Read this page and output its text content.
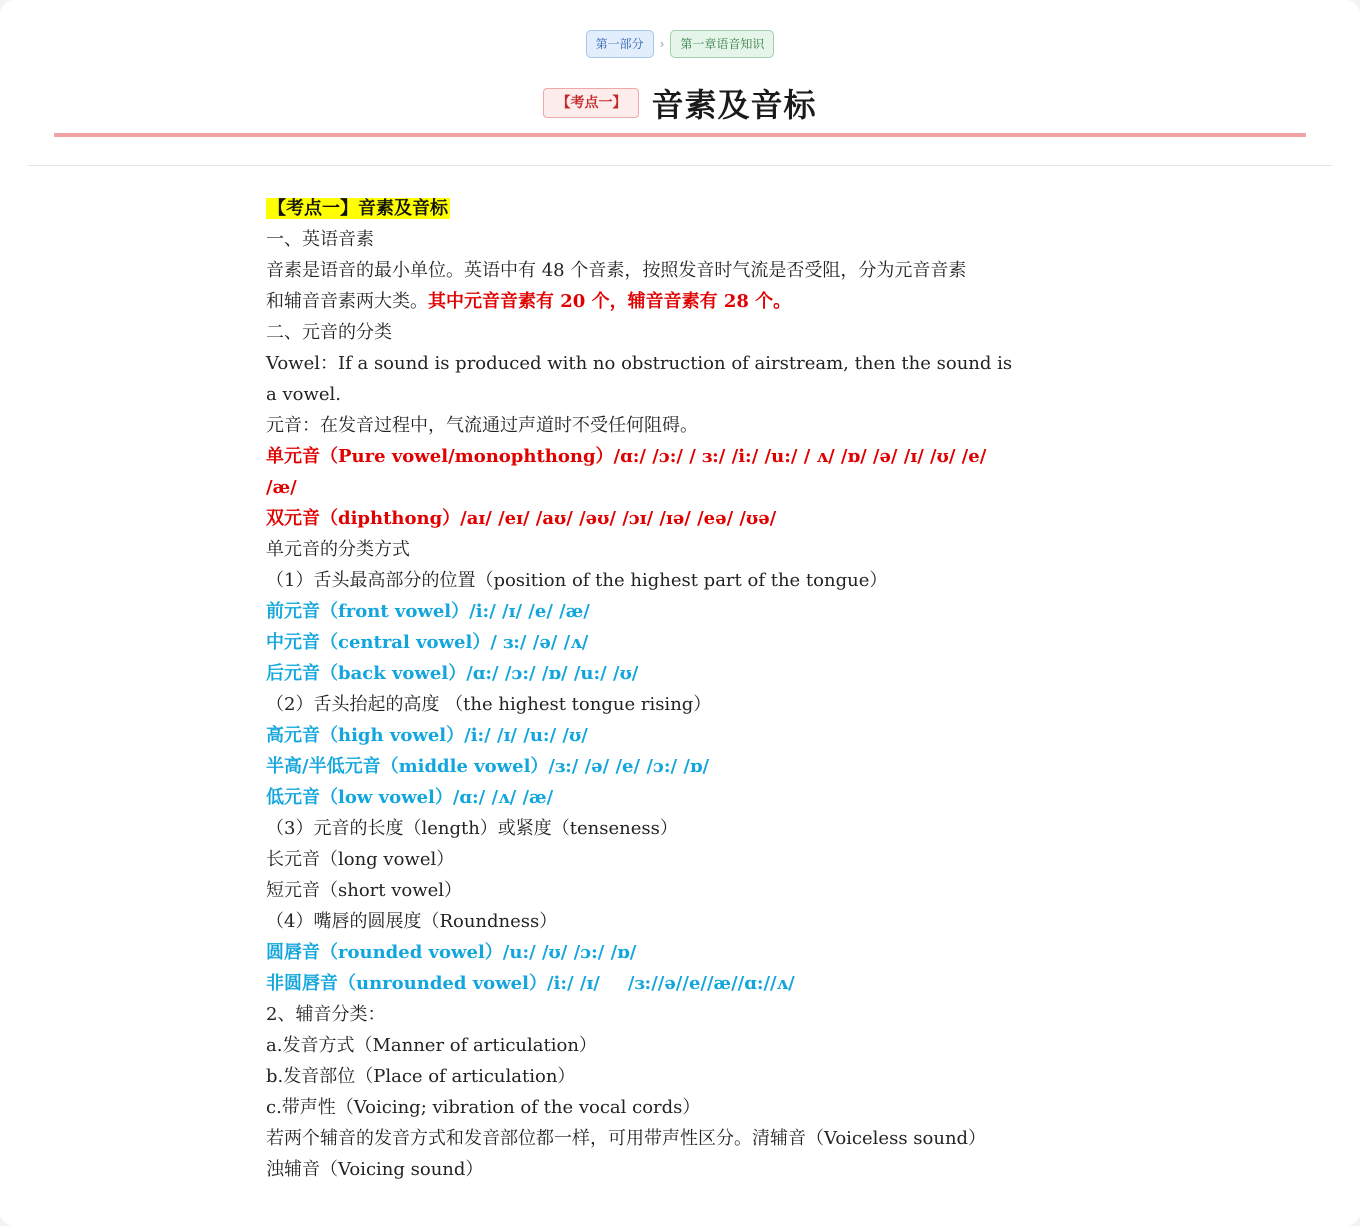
第一部分	›	第一章语音知识
【考点一】 音素及音标
【考点一】音素及音标
一、英语音素
音素是语音的最小单位。英语中有 48 个音素，按照发音时气流是否受阻，分为元音音素
和辅音音素两大类。其中元音音素有 20 个，辅音音素有 28 个。
二、元音的分类
Vowel：If a sound is produced with no obstruction of airstream, then the sound is
a vowel.
元音：在发音过程中，气流通过声道时不受任何阻碍。
单元音（Pure vowel/monophthong）/ɑ:/ /ɔ:/ / ɜ:/ /i:/ /u:/ / ʌ/ /ɒ/ /ə/ /ɪ/ /ʊ/ /e/
/æ/
双元音（diphthong）/aɪ/ /eɪ/ /aʊ/ /əʊ/ /ɔɪ/ /ɪə/ /eə/ /ʊə/
单元音的分类方式
（1）舌头最高部分的位置（position of the highest part of the tongue）
前元音（front vowel）/i:/ /ɪ/ /e/ /æ/
中元音（central vowel）/ ɜ:/ /ə/ /ʌ/
后元音（back vowel）/ɑ:/ /ɔ:/ /ɒ/ /u:/ /ʊ/
（2）舌头抬起的高度 （the highest tongue rising）
高元音（high vowel）/i:/ /ɪ/ /u:/ /ʊ/
半高/半低元音（middle vowel）/ɜ:/ /ə/ /e/ /ɔ:/ /ɒ/
低元音（low vowel）/ɑ:/ /ʌ/ /æ/
（3）元音的长度（length）或紧度（tenseness）
长元音（long vowel）
短元音（short vowel）
（4）嘴唇的圆展度（Roundness）
圆唇音（rounded vowel）/u:/ /ʊ/ /ɔ:/ /ɒ/
非圆唇音（unrounded vowel）/i:/ /ɪ/ /ɜ://ə//e//æ//ɑ://ʌ/
2、辅音分类：
a.发音方式（Manner of articulation）
b.发音部位（Place of articulation）
c.带声性（Voicing; vibration of the vocal cords）
若两个辅音的发音方式和发音部位都一样，可用带声性区分。清辅音（Voiceless sound）
浊辅音（Voicing sound）
